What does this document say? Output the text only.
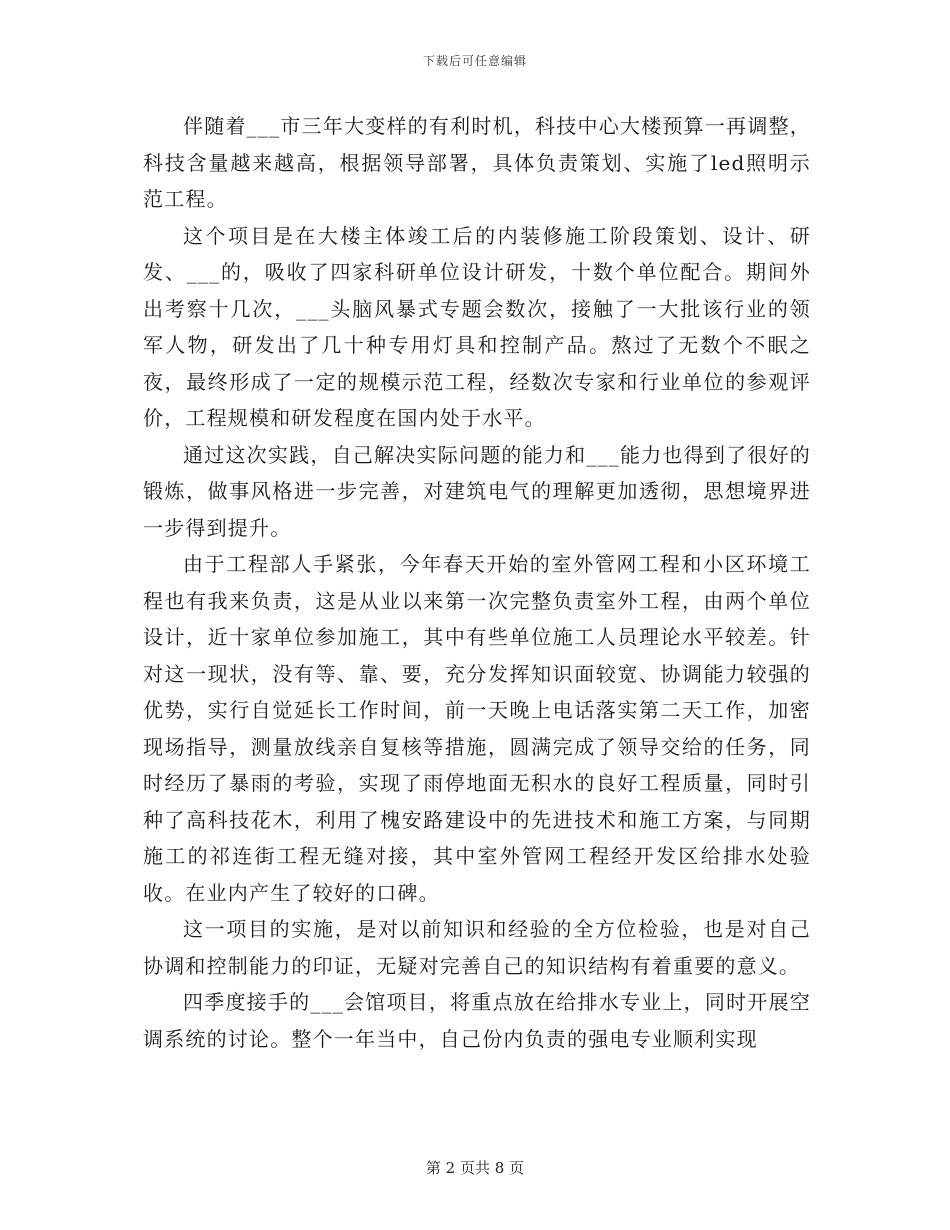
下载后可任意编辑

伴随着___市三年大变样的有利时机，科技中心大楼预算一再调整，科技含量越来越高，根据领导部署，具体负责策划、实施了led照明示范工程。

这个项目是在大楼主体竣工后的内装修施工阶段策划、设计、研发、___的，吸收了四家科研单位设计研发，十数个单位配合。期间外出考察十几次，___头脑风暴式专题会数次，接触了一大批该行业的领军人物，研发出了几十种专用灯具和控制产品。熬过了无数个不眠之夜，最终形成了一定的规模示范工程，经数次专家和行业单位的参观评价，工程规模和研发程度在国内处于水平。

通过这次实践，自己解决实际问题的能力和___能力也得到了很好的锻炼，做事风格进一步完善，对建筑电气的理解更加透彻，思想境界进一步得到提升。

由于工程部人手紧张，今年春天开始的室外管网工程和小区环境工程也有我来负责，这是从业以来第一次完整负责室外工程，由两个单位设计，近十家单位参加施工，其中有些单位施工人员理论水平较差。针对这一现状，没有等、靠、要，充分发挥知识面较宽、协调能力较强的优势，实行自觉延长工作时间，前一天晚上电话落实第二天工作，加密现场指导，测量放线亲自复核等措施，圆满完成了领导交给的任务，同时经历了暴雨的考验，实现了雨停地面无积水的良好工程质量，同时引种了高科技花木，利用了槐安路建设中的先进技术和施工方案，与同期施工的祁连街工程无缝对接，其中室外管网工程经开发区给排水处验收。在业内产生了较好的口碑。

这一项目的实施，是对以前知识和经验的全方位检验，也是对自己协调和控制能力的印证，无疑对完善自己的知识结构有着重要的意义。

四季度接手的___会馆项目，将重点放在给排水专业上，同时开展空调系统的讨论。整个一年当中，自己份内负责的强电专业顺利实现

第 2 页共 8 页
